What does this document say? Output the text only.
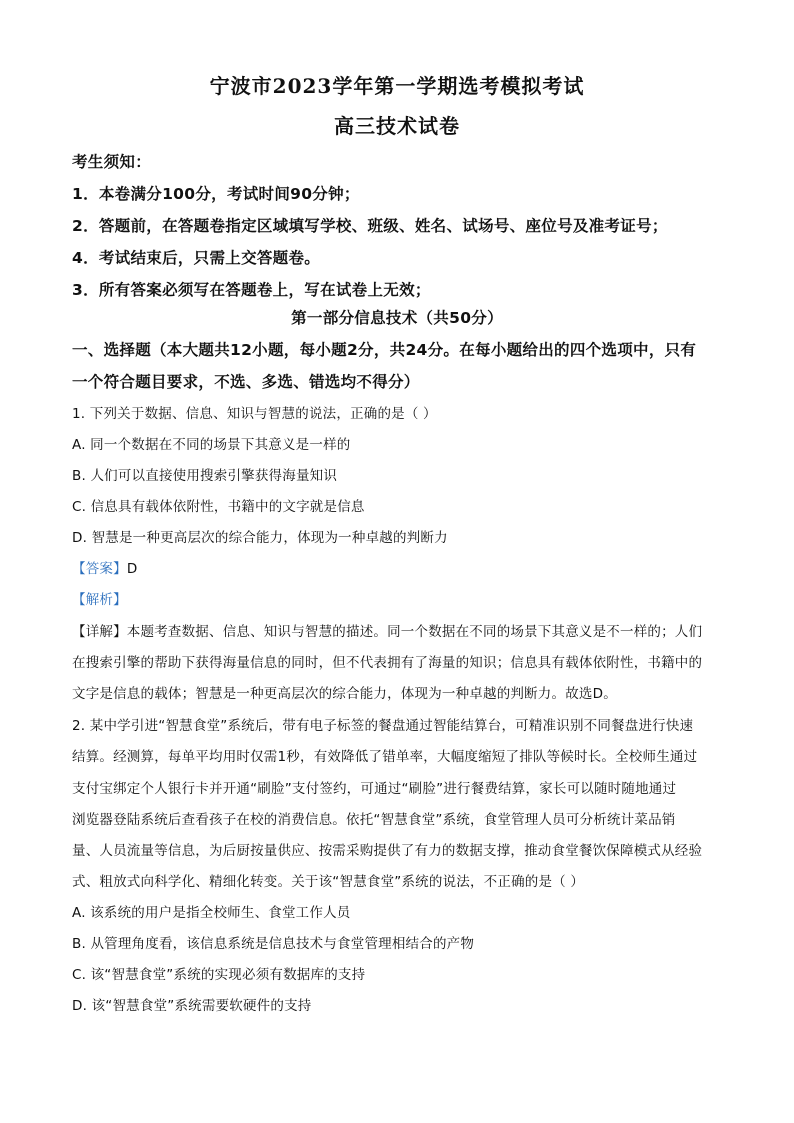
宁波市2023学年第一学期选考模拟考试
高三技术试卷
考生须知：
1．本卷满分100分，考试时间90分钟；
2．答题前，在答题卷指定区域填写学校、班级、姓名、试场号、座位号及准考证号；
4．考试结束后，只需上交答题卷。
3．所有答案必须写在答题卷上，写在试卷上无效；
第一部分信息技术（共50分）
一、选择题（本大题共12小题，每小题2分，共24分。在每小题给出的四个选项中，只有
一个符合题目要求，不选、多选、错选均不得分）
1. 下列关于数据、信息、知识与智慧的说法，正确的是（ ）
A. 同一个数据在不同的场景下其意义是一样的
B. 人们可以直接使用搜索引擎获得海量知识
C. 信息具有载体依附性，书籍中的文字就是信息
D. 智慧是一种更高层次的综合能力，体现为一种卓越的判断力
【答案】D
【解析】
【详解】本题考查数据、信息、知识与智慧的描述。同一个数据在不同的场景下其意义是不一样的；人们
在搜索引擎的帮助下获得海量信息的同时，但不代表拥有了海量的知识；信息具有载体依附性，书籍中的
文字是信息的载体；智慧是一种更高层次的综合能力，体现为一种卓越的判断力。故选D。
2. 某中学引进“智慧食堂”系统后，带有电子标签的餐盘通过智能结算台，可精准识别不同餐盘进行快速
结算。经测算，每单平均用时仅需1秒，有效降低了错单率，大幅度缩短了排队等候时长。全校师生通过
支付宝绑定个人银行卡并开通“刷脸”支付签约，可通过“刷脸”进行餐费结算，家长可以随时随地通过
浏览器登陆系统后查看孩子在校的消费信息。依托“智慧食堂”系统，食堂管理人员可分析统计菜品销
量、人员流量等信息，为后厨按量供应、按需采购提供了有力的数据支撑，推动食堂餐饮保障模式从经验
式、粗放式向科学化、精细化转变。关于该“智慧食堂”系统的说法，不正确的是（ ）
A. 该系统的用户是指全校师生、食堂工作人员
B. 从管理角度看，该信息系统是信息技术与食堂管理相结合的产物
C. 该“智慧食堂”系统的实现必须有数据库的支持
D. 该“智慧食堂”系统需要软硬件的支持
